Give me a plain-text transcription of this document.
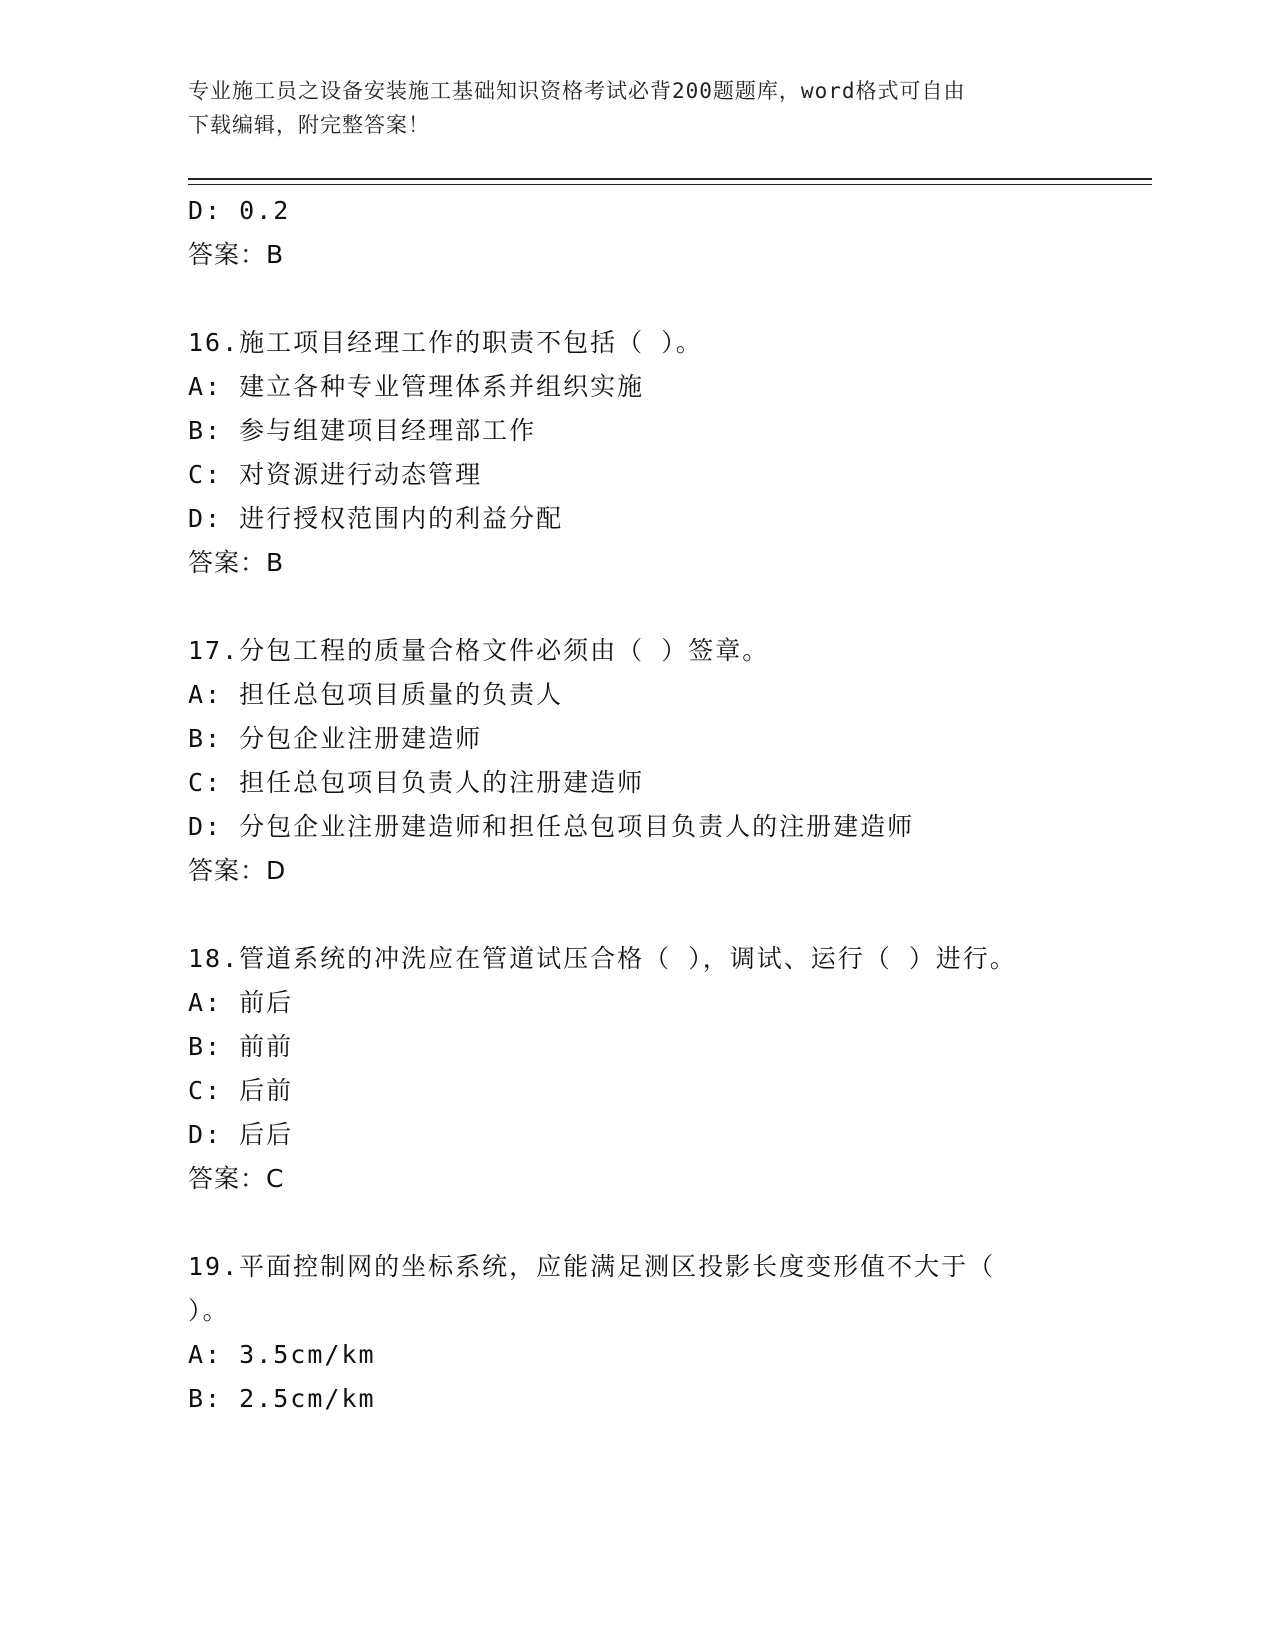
专业施工员之设备安装施工基础知识资格考试必背200题题库，word格式可自由
下载编辑，附完整答案！
D: 0.2
答案：B
16.施工项目经理工作的职责不包括（ ）。
A: 建立各种专业管理体系并组织实施
B: 参与组建项目经理部工作
C: 对资源进行动态管理
D: 进行授权范围内的利益分配
答案：B
17.分包工程的质量合格文件必须由（ ）签章。
A: 担任总包项目质量的负责人
B: 分包企业注册建造师
C: 担任总包项目负责人的注册建造师
D: 分包企业注册建造师和担任总包项目负责人的注册建造师
答案：D
18.管道系统的冲洗应在管道试压合格（ ），调试、运行（ ）进行。
A: 前后
B: 前前
C: 后前
D: 后后
答案：C
19.平面控制网的坐标系统，应能满足测区投影长度变形值不大于（
）。
A: 3.5cm/km
B: 2.5cm/km
